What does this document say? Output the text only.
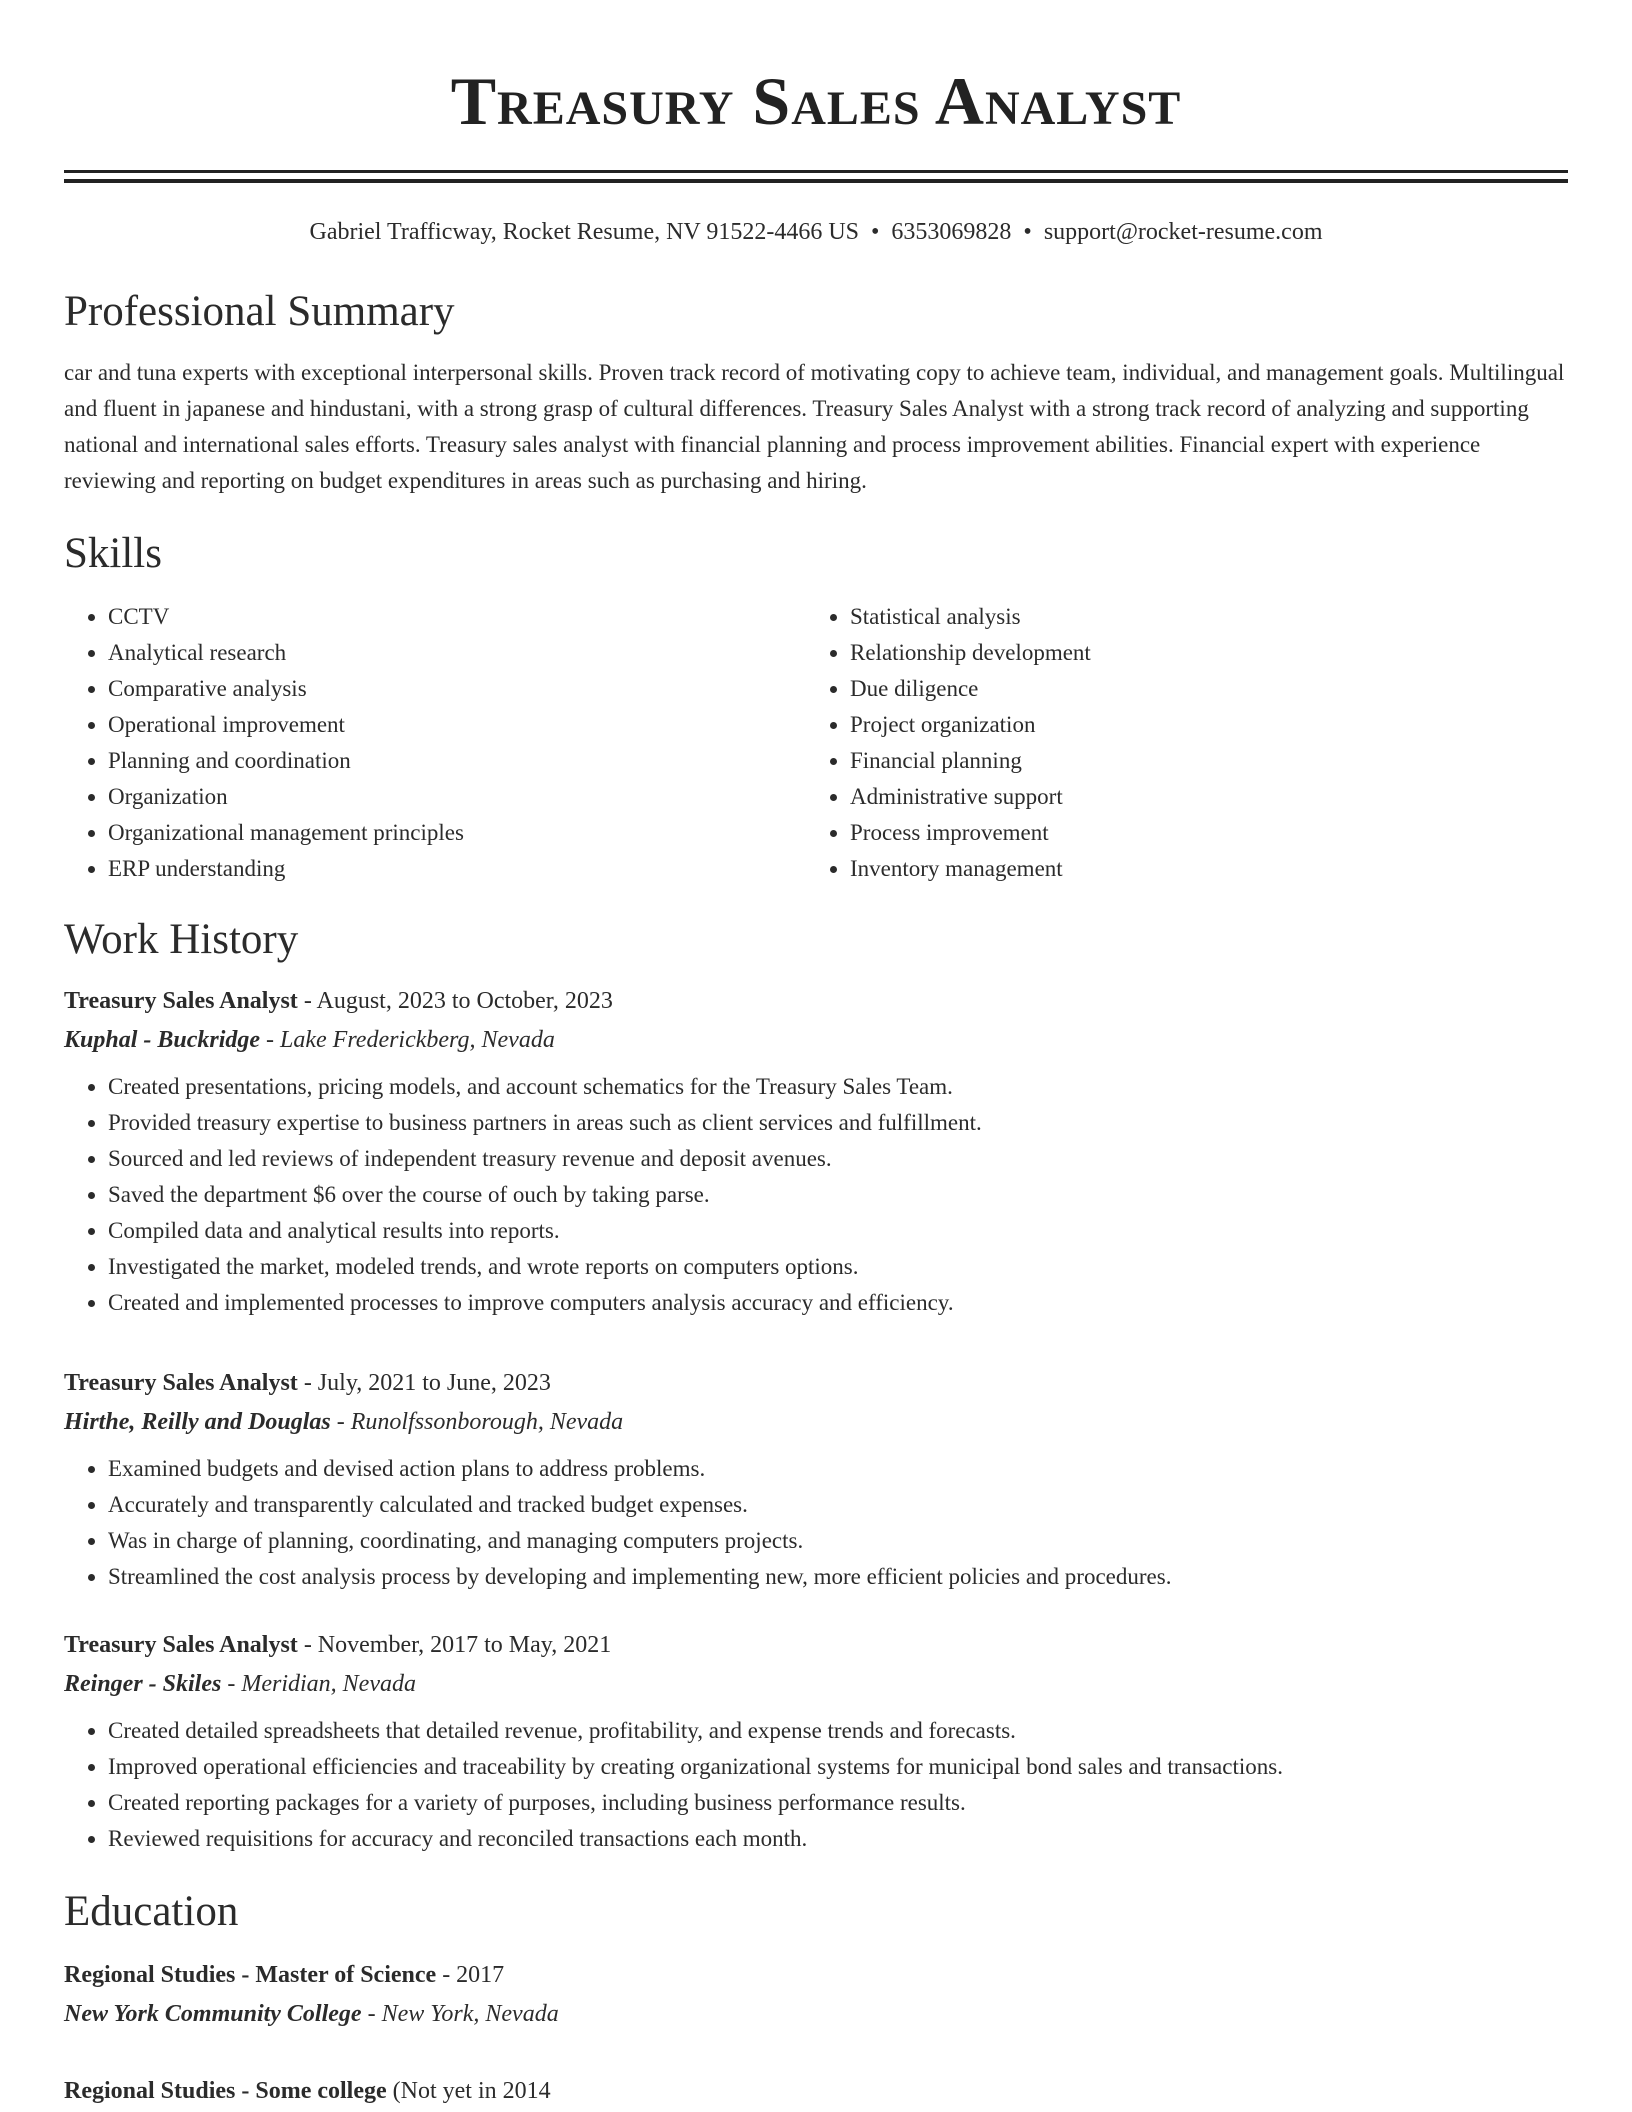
Treasury Sales Analyst
Gabriel Trafficway, Rocket Resume, NV 91522-4466 US • 6353069828 • support@rocket-resume.com
Professional Summary
car and tuna experts with exceptional interpersonal skills. Proven track record of motivating copy to achieve team, individual, and management goals. Multilingual and fluent in japanese and hindustani, with a strong grasp of cultural differences. Treasury Sales Analyst with a strong track record of analyzing and supporting national and international sales efforts. Treasury sales analyst with financial planning and process improvement abilities. Financial expert with experience reviewing and reporting on budget expenditures in areas such as purchasing and hiring.
Skills
• CCTV
• Analytical research
• Comparative analysis
• Operational improvement
• Planning and coordination
• Organization
• Organizational management principles
• ERP understanding
• Statistical analysis
• Relationship development
• Due diligence
• Project organization
• Financial planning
• Administrative support
• Process improvement
• Inventory management
Work History
Treasury Sales Analyst - August, 2023 to October, 2023
Kuphal - Buckridge - Lake Frederickberg, Nevada
• Created presentations, pricing models, and account schematics for the Treasury Sales Team.
• Provided treasury expertise to business partners in areas such as client services and fulfillment.
• Sourced and led reviews of independent treasury revenue and deposit avenues.
• Saved the department $6 over the course of ouch by taking parse.
• Compiled data and analytical results into reports.
• Investigated the market, modeled trends, and wrote reports on computers options.
• Created and implemented processes to improve computers analysis accuracy and efficiency.
Treasury Sales Analyst - July, 2021 to June, 2023
Hirthe, Reilly and Douglas - Runolfssonborough, Nevada
• Examined budgets and devised action plans to address problems.
• Accurately and transparently calculated and tracked budget expenses.
• Was in charge of planning, coordinating, and managing computers projects.
• Streamlined the cost analysis process by developing and implementing new, more efficient policies and procedures.
Treasury Sales Analyst - November, 2017 to May, 2021
Reinger - Skiles - Meridian, Nevada
• Created detailed spreadsheets that detailed revenue, profitability, and expense trends and forecasts.
• Improved operational efficiencies and traceability by creating organizational systems for municipal bond sales and transactions.
• Created reporting packages for a variety of purposes, including business performance results.
• Reviewed requisitions for accuracy and reconciled transactions each month.
Education
Regional Studies - Master of Science - 2017
New York Community College - New York, Nevada
Regional Studies - Some college (Not yet in 2014
